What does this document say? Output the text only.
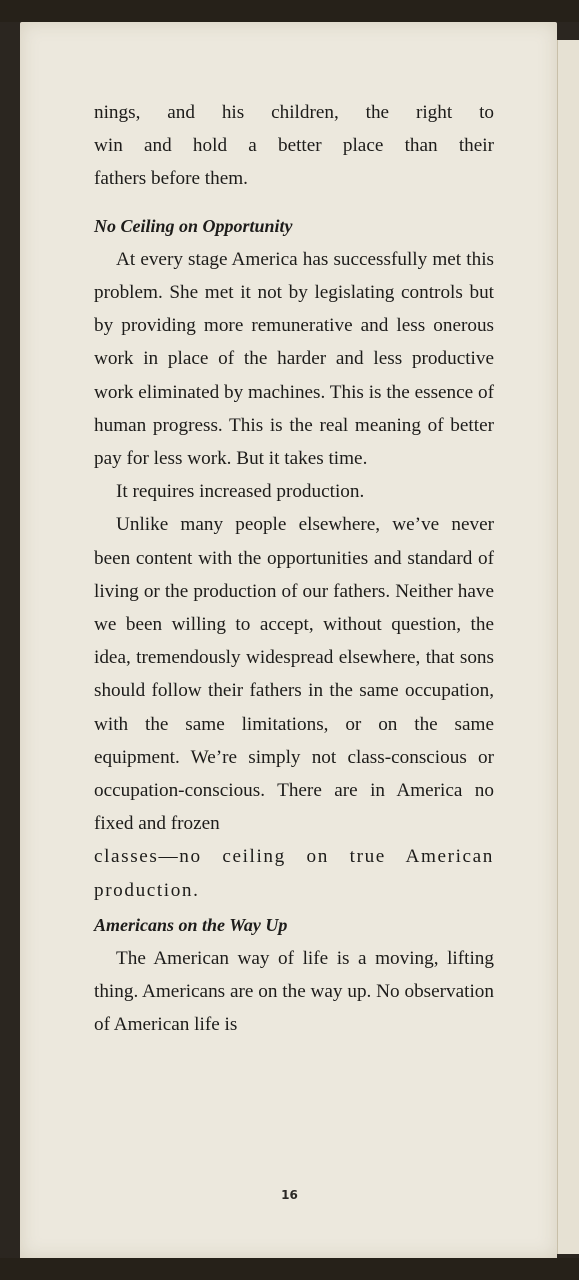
nings, and his children, the right to
win and hold a better place than their
fathers before them.

No Ceiling on Opportunity

At every stage America has successfully met this problem. She met it not by legislating controls but by providing more remunerative and less onerous work in place of the harder and less productive work eliminated by machines. This is the essence of human progress. This is the real meaning of better pay for less work. But it takes time.

It requires increased production.

Unlike many people elsewhere, we’ve never been content with the opportunities and standard of living or the production of our fathers. Neither have we been willing to accept, without question, the idea, tremendously widespread elsewhere, that sons should follow their fathers in the same occupation, with the same limitations, or on the same equipment. We’re simply not class-conscious or occupation-conscious. There are in America no fixed and frozen

classes—no ceiling on true American production.

Americans on the Way Up

The American way of life is a moving, lifting thing. Americans are on the way up. No observation of American life is

16
